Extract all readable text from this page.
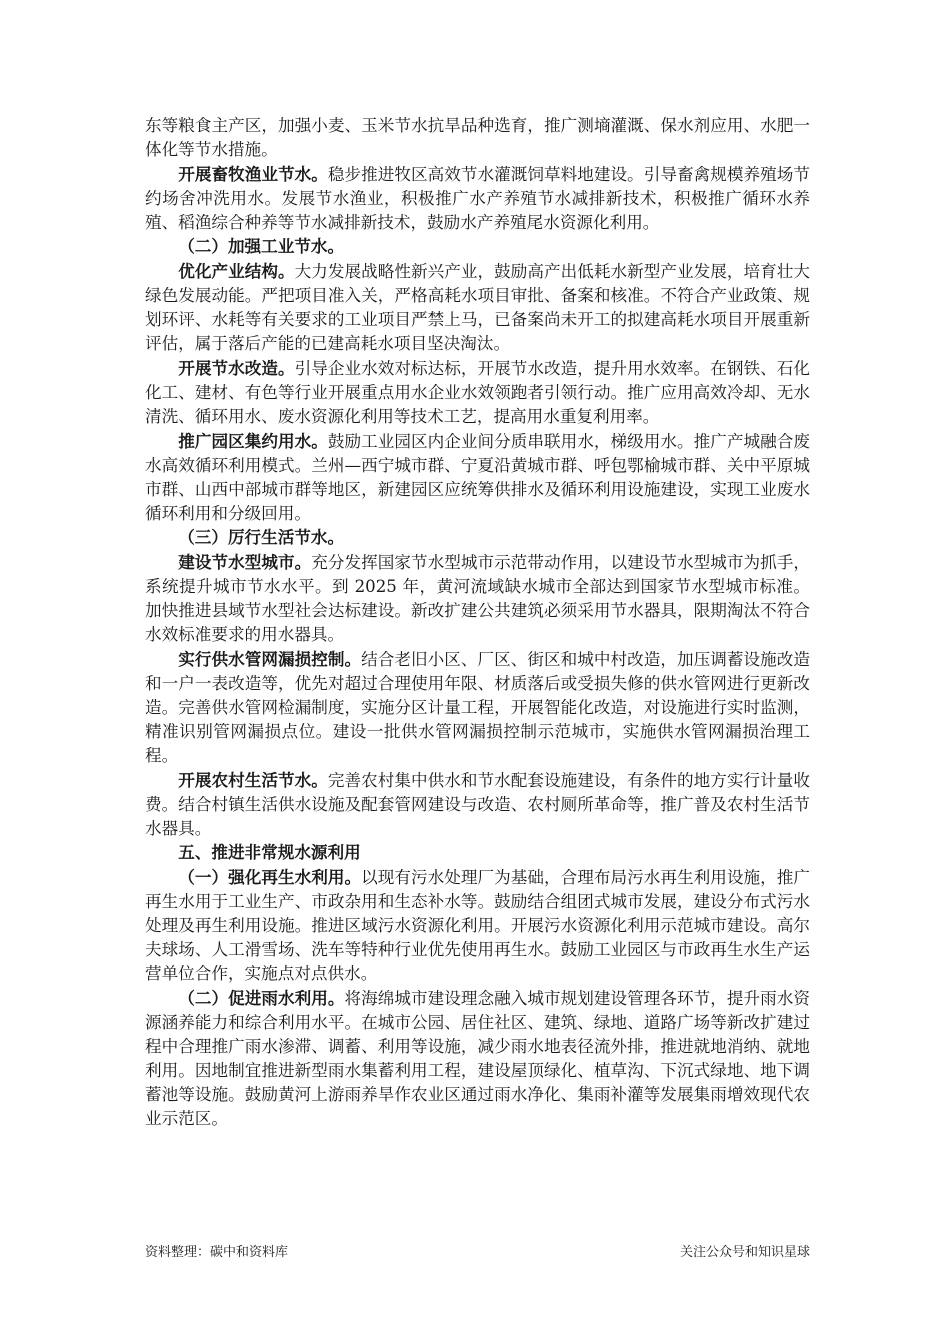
东等粮食主产区，加强小麦、玉米节水抗旱品种选育，推广测墒灌溉、保水剂应用、水肥一体化等节水措施。

开展畜牧渔业节水。稳步推进牧区高效节水灌溉饲草料地建设。引导畜禽规模养殖场节约场舍冲洗用水。发展节水渔业，积极推广水产养殖节水减排新技术，积极推广循环水养殖、稻渔综合种养等节水减排新技术，鼓励水产养殖尾水资源化利用。

（二）加强工业节水。

优化产业结构。大力发展战略性新兴产业，鼓励高产出低耗水新型产业发展，培育壮大绿色发展动能。严把项目准入关，严格高耗水项目审批、备案和核准。不符合产业政策、规划环评、水耗等有关要求的工业项目严禁上马，已备案尚未开工的拟建高耗水项目开展重新评估，属于落后产能的已建高耗水项目坚决淘汰。

开展节水改造。引导企业水效对标达标，开展节水改造，提升用水效率。在钢铁、石化化工、建材、有色等行业开展重点用水企业水效领跑者引领行动。推广应用高效冷却、无水清洗、循环用水、废水资源化利用等技术工艺，提高用水重复利用率。

推广园区集约用水。鼓励工业园区内企业间分质串联用水，梯级用水。推广产城融合废水高效循环利用模式。兰州—西宁城市群、宁夏沿黄城市群、呼包鄂榆城市群、关中平原城市群、山西中部城市群等地区，新建园区应统筹供排水及循环利用设施建设，实现工业废水循环利用和分级回用。

（三）厉行生活节水。

建设节水型城市。充分发挥国家节水型城市示范带动作用，以建设节水型城市为抓手，系统提升城市节水水平。到 2025 年，黄河流域缺水城市全部达到国家节水型城市标准。加快推进县域节水型社会达标建设。新改扩建公共建筑必须采用节水器具，限期淘汰不符合水效标准要求的用水器具。

实行供水管网漏损控制。结合老旧小区、厂区、街区和城中村改造，加压调蓄设施改造和一户一表改造等，优先对超过合理使用年限、材质落后或受损失修的供水管网进行更新改造。完善供水管网检漏制度，实施分区计量工程，开展智能化改造，对设施进行实时监测，精准识别管网漏损点位。建设一批供水管网漏损控制示范城市，实施供水管网漏损治理工程。

开展农村生活节水。完善农村集中供水和节水配套设施建设，有条件的地方实行计量收费。结合村镇生活供水设施及配套管网建设与改造、农村厕所革命等，推广普及农村生活节水器具。

五、推进非常规水源利用

（一）强化再生水利用。以现有污水处理厂为基础，合理布局污水再生利用设施，推广再生水用于工业生产、市政杂用和生态补水等。鼓励结合组团式城市发展，建设分布式污水处理及再生利用设施。推进区域污水资源化利用。开展污水资源化利用示范城市建设。高尔夫球场、人工滑雪场、洗车等特种行业优先使用再生水。鼓励工业园区与市政再生水生产运营单位合作，实施点对点供水。

（二）促进雨水利用。将海绵城市建设理念融入城市规划建设管理各环节，提升雨水资源涵养能力和综合利用水平。在城市公园、居住社区、建筑、绿地、道路广场等新改扩建过程中合理推广雨水渗滞、调蓄、利用等设施，减少雨水地表径流外排，推进就地消纳、就地利用。因地制宜推进新型雨水集蓄利用工程，建设屋顶绿化、植草沟、下沉式绿地、地下调蓄池等设施。鼓励黄河上游雨养旱作农业区通过雨水净化、集雨补灌等发展集雨增效现代农业示范区。

资料整理：碳中和资料库	关注公众号和知识星球
